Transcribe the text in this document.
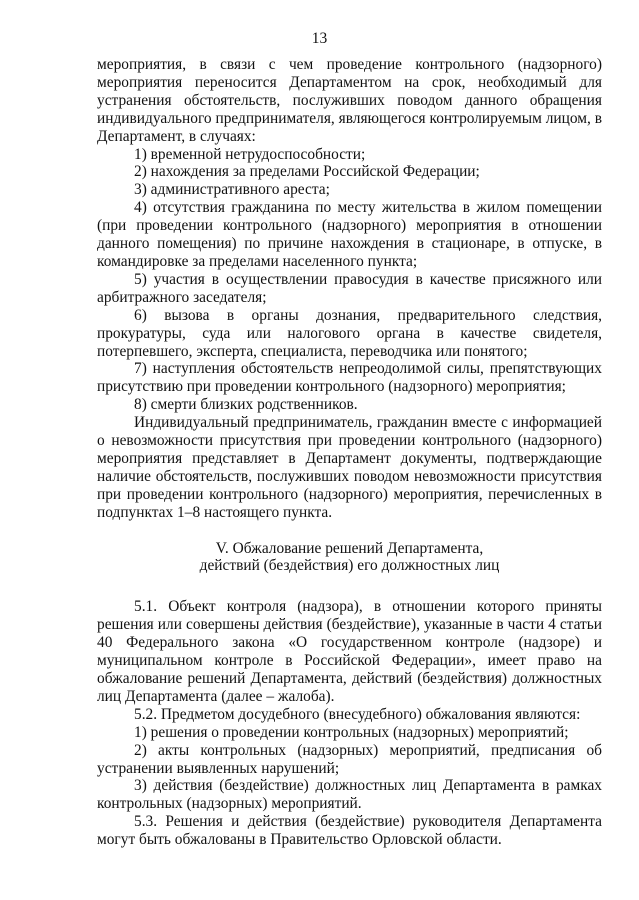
13

мероприятия, в связи с чем проведение контрольного (надзорного) мероприятия переносится Департаментом на срок, необходимый для устранения обстоятельств, послуживших поводом данного обращения индивидуального предпринимателя, являющегося контролируемым лицом, в Департамент, в случаях:

1) временной нетрудоспособности;

2) нахождения за пределами Российской Федерации;

3) административного ареста;

4) отсутствия гражданина по месту жительства в жилом помещении (при проведении контрольного (надзорного) мероприятия в отношении данного помещения) по причине нахождения в стационаре, в отпуске, в командировке за пределами населенного пункта;

5) участия в осуществлении правосудия в качестве присяжного или арбитражного заседателя;

6) вызова в органы дознания, предварительного следствия, прокуратуры, суда или налогового органа в качестве свидетеля, потерпевшего, эксперта, специалиста, переводчика или понятого;

7) наступления обстоятельств непреодолимой силы, препятствующих присутствию при проведении контрольного (надзорного) мероприятия;

8) смерти близких родственников.

Индивидуальный предприниматель, гражданин вместе с информацией о невозможности присутствия при проведении контрольного (надзорного) мероприятия представляет в Департамент документы, подтверждающие наличие обстоятельств, послуживших поводом невозможности присутствия при проведении контрольного (надзорного) мероприятия, перечисленных в подпунктах 1–8 настоящего пункта.

V. Обжалование решений Департамента,

действий (бездействия) его должностных лиц

5.1. Объект контроля (надзора), в отношении которого приняты решения или совершены действия (бездействие), указанные в части 4 статьи 40 Федерального закона «О государственном контроле (надзоре) и муниципальном контроле в Российской Федерации», имеет право на обжалование решений Департамента, действий (бездействия) должностных лиц Департамента (далее – жалоба).

5.2. Предметом досудебного (внесудебного) обжалования являются:

1) решения о проведении контрольных (надзорных) мероприятий;

2) акты контрольных (надзорных) мероприятий, предписания об устранении выявленных нарушений;

3) действия (бездействие) должностных лиц Департамента в рамках контрольных (надзорных) мероприятий.

5.3. Решения и действия (бездействие) руководителя Департамента могут быть обжалованы в Правительство Орловской области.
